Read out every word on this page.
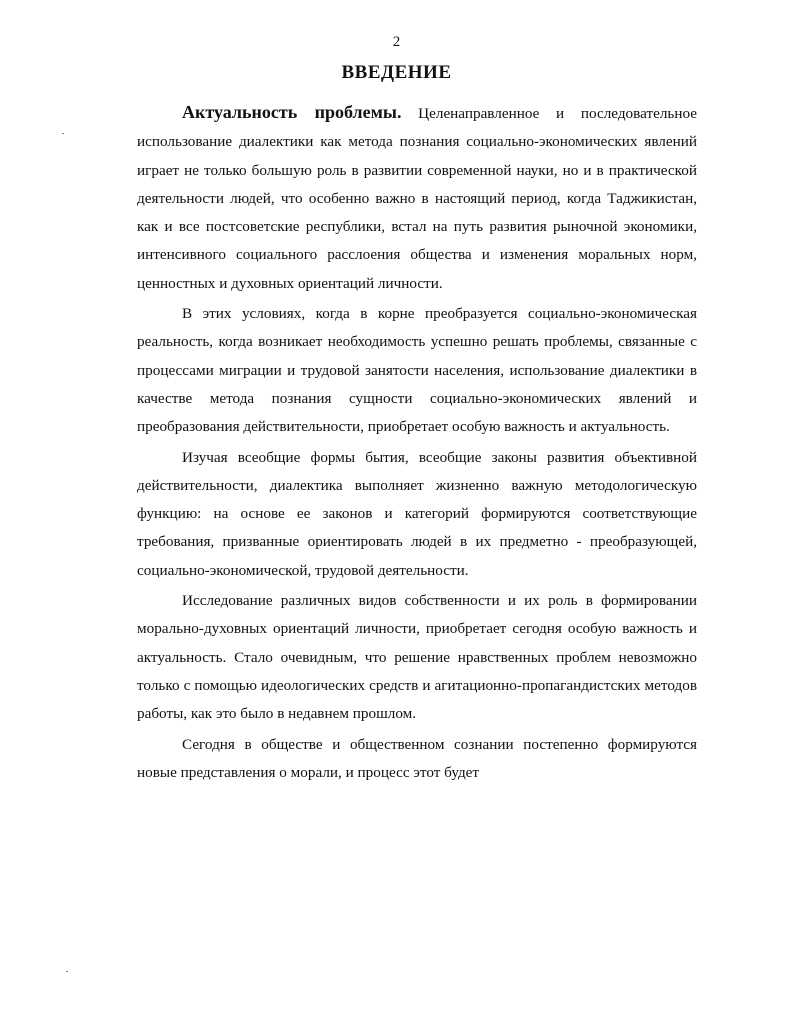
2
ВВЕДЕНИЕ

Актуальность проблемы. Целенаправленное и последовательное использование диалектики как метода познания социально-экономических явлений играет не только большую роль в развитии современной науки, но и в практической деятельности людей, что особенно важно в настоящий период, когда Таджикистан, как и все постсоветские республики, встал на путь развития рыночной экономики, интенсивного социального расслоения общества и изменения моральных норм, ценностных и духовных ориентаций личности.

В этих условиях, когда в корне преобразуется социально-экономическая реальность, когда возникает необходимость успешно решать проблемы, связанные с процессами миграции и трудовой занятости населения, использование диалектики в качестве метода познания сущности социально-экономических явлений и преобразования действительности, приобретает особую важность и актуальность.

Изучая всеобщие формы бытия, всеобщие законы развития объективной действительности, диалектика выполняет жизненно важную методологическую функцию: на основе ее законов и категорий формируются соответствующие требования, призванные ориентировать людей в их предметно - преобразующей, социально-экономической, трудовой деятельности.

Исследование различных видов собственности и их роль в формировании морально-духовных ориентаций личности, приобретает сегодня особую важность и актуальность. Стало очевидным, что решение нравственных проблем невозможно только с помощью идеологических средств и агитационно-пропагандистских методов работы, как это было в недавнем прошлом.

Сегодня в обществе и общественном сознании постепенно формируются новые представления о морали, и процесс этот будет
